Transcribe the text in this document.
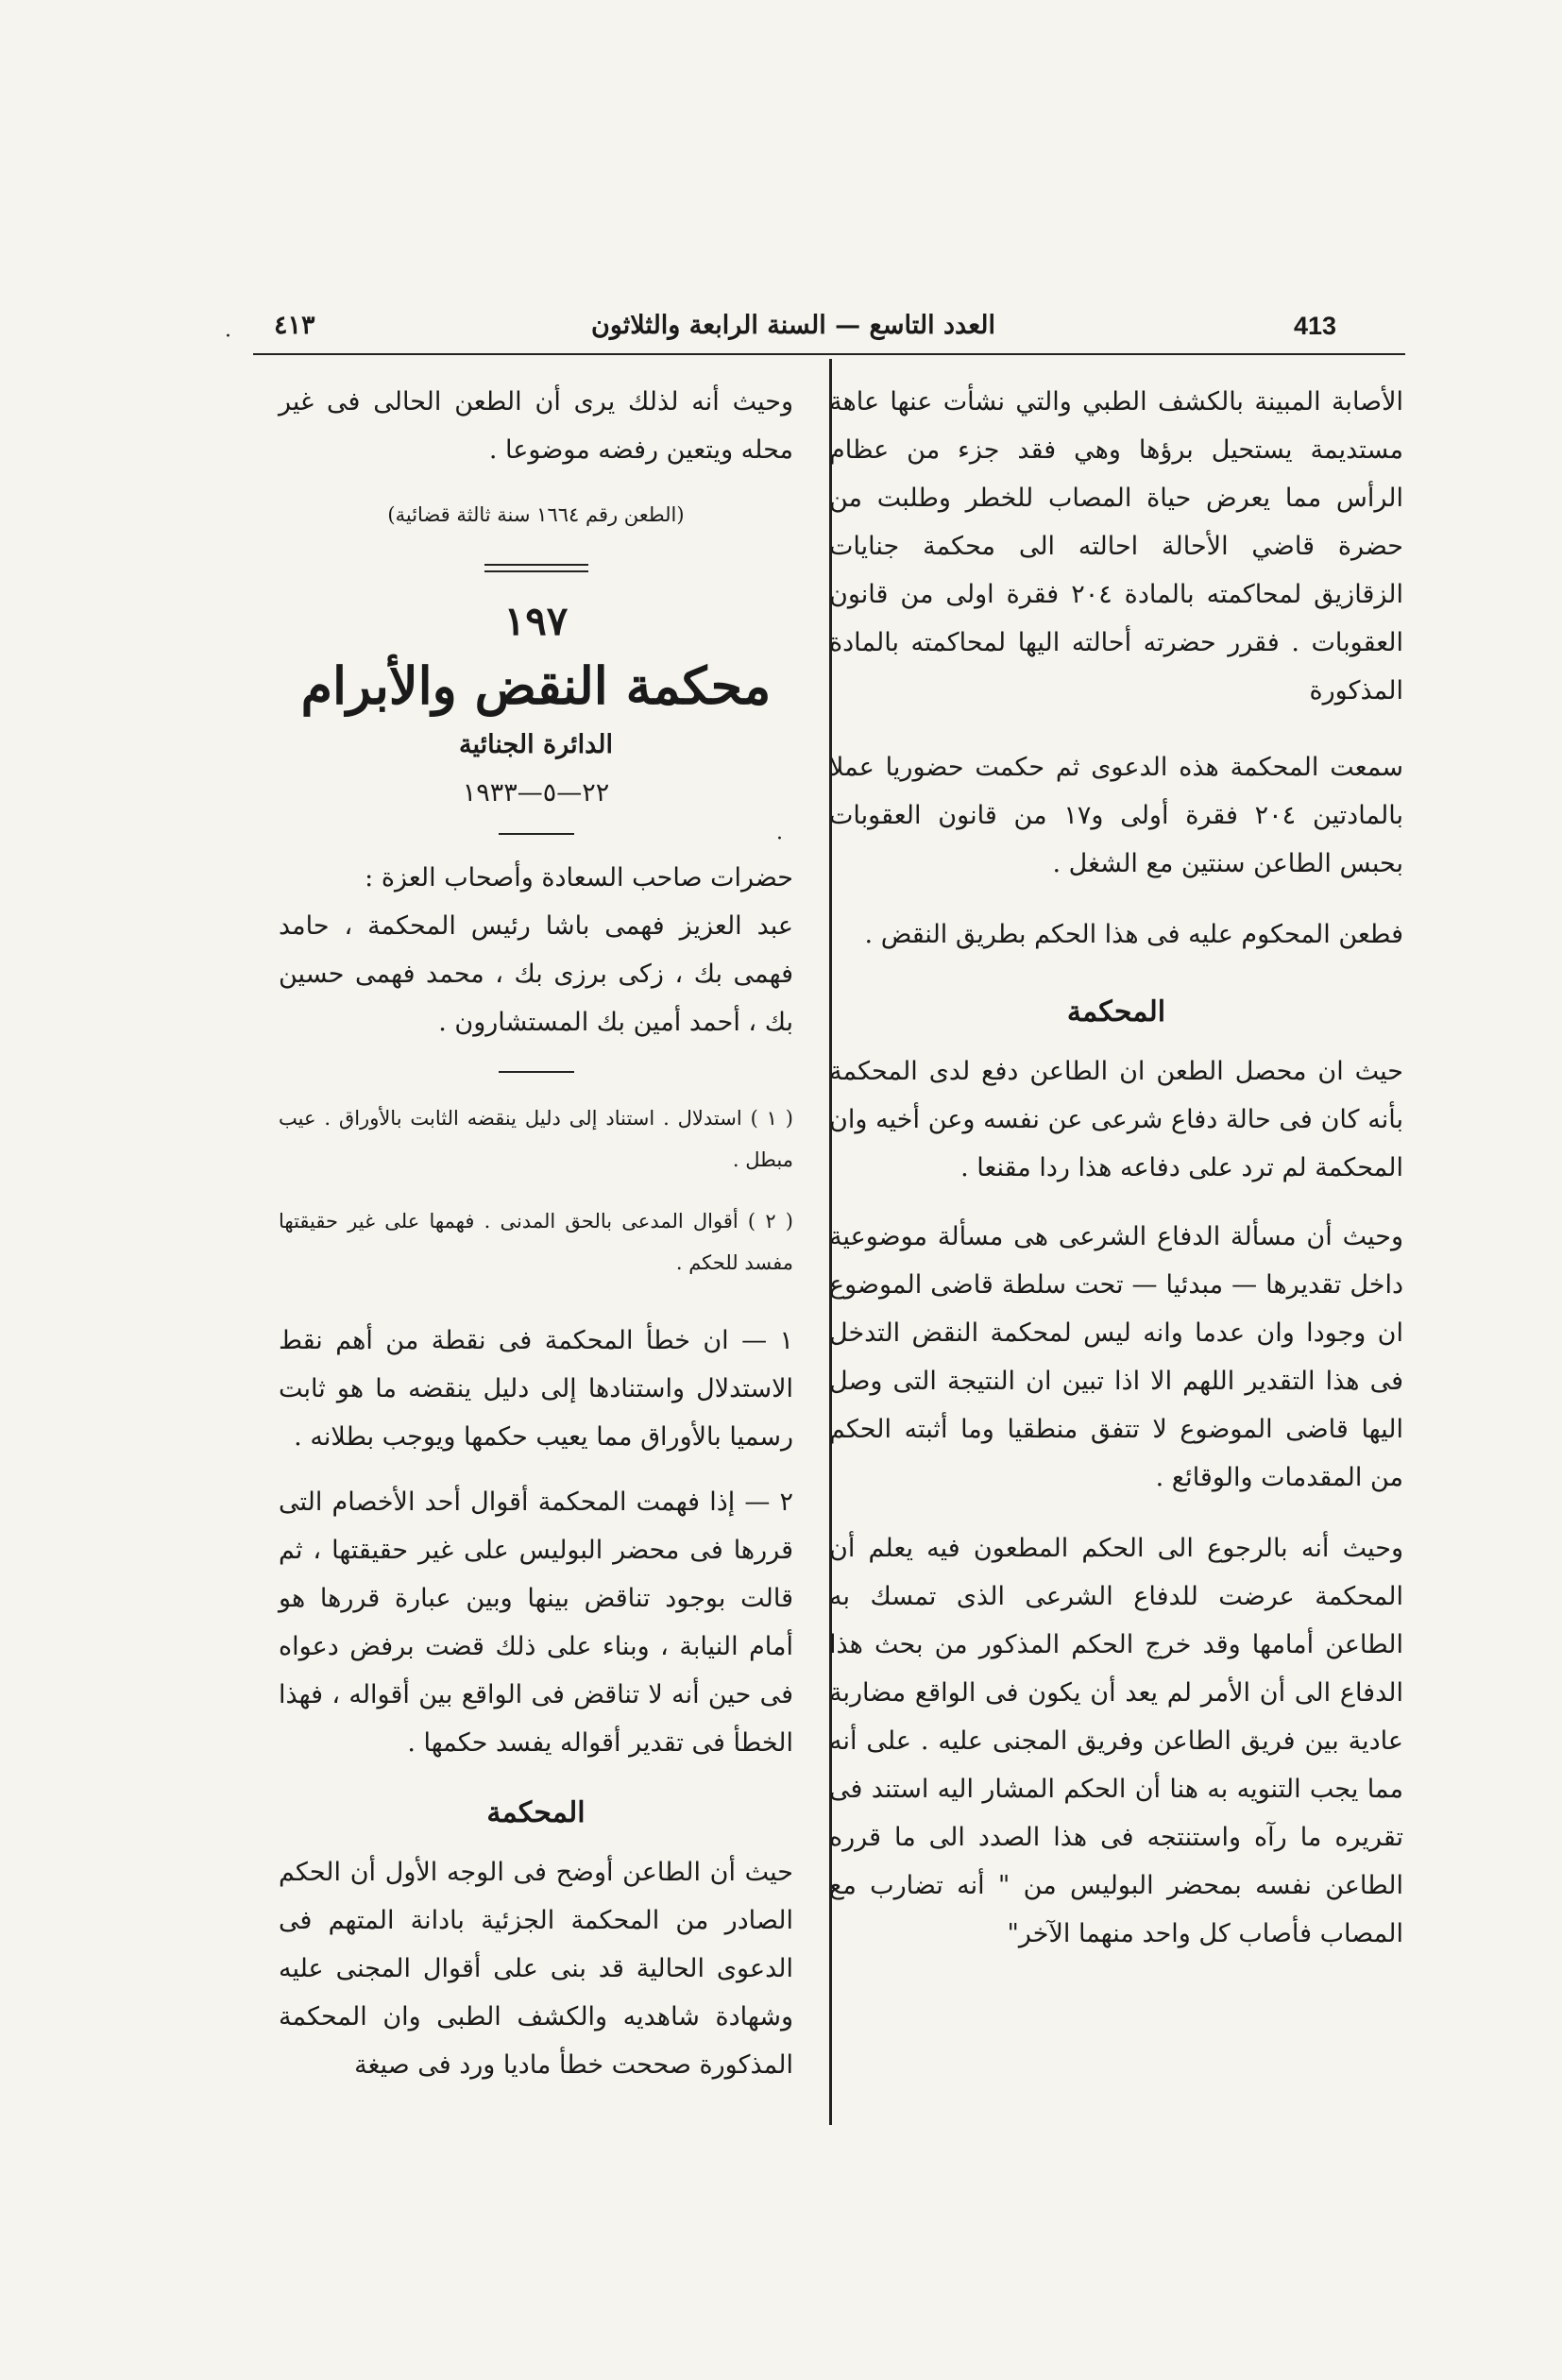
413
العدد التاسع — السنة الرابعة والثلاثون
٤١٣
·
·

الأصابة المبينة بالكشف الطبي والتي نشأت عنها عاهة مستديمة يستحيل برؤها وهي فقد جزء من عظام الرأس مما يعرض حياة المصاب للخطر وطلبت من حضرة قاضي الأحالة احالته الى محكمة جنايات الزقازيق لمحاكمته بالمادة ٢٠٤ فقرة اولى من قانون العقوبات . فقرر حضرته أحالته اليها لمحاكمته بالمادة المذكورة

سمعت المحكمة هذه الدعوى ثم حكمت حضوريا عملا بالمادتين ٢٠٤ فقرة أولى و١٧ من قانون العقوبات بحبس الطاعن سنتين مع الشغل .

فطعن المحكوم عليه فى هذا الحكم بطريق النقض .

المحكمة

حيث ان محصل الطعن ان الطاعن دفع لدى المحكمة بأنه كان فى حالة دفاع شرعى عن نفسه وعن أخيه وان المحكمة لم ترد على دفاعه هذا ردا مقنعا .

وحيث أن مسألة الدفاع الشرعى هى مسألة موضوعية داخل تقديرها — مبدئيا — تحت سلطة قاضى الموضوع ان وجودا وان عدما وانه ليس لمحكمة النقض التدخل فى هذا التقدير اللهم الا اذا تبين ان النتيجة التى وصل اليها قاضى الموضوع لا تتفق منطقيا وما أثبته الحكم من المقدمات والوقائع .

وحيث أنه بالرجوع الى الحكم المطعون فيه يعلم أن المحكمة عرضت للدفاع الشرعى الذى تمسك به الطاعن أمامها وقد خرج الحكم المذكور من بحث هذا الدفاع الى أن الأمر لم يعد أن يكون فى الواقع مضاربة عادية بين فريق الطاعن وفريق المجنى عليه . على أنه مما يجب التنويه به هنا أن الحكم المشار اليه استند فى تقريره ما رآه واستنتجه فى هذا الصدد الى ما قرره الطاعن نفسه بمحضر البوليس من " أنه تضارب مع المصاب فأصاب كل واحد منهما الآخر"

وحيث أنه لذلك يرى أن الطعن الحالى فى غير محله ويتعين رفضه موضوعا .

(الطعن رقم ١٦٦٤ سنة ثالثة قضائية)

١٩٧
محكمة النقض والأبرام
الدائرة الجنائية
٢٢—٥—١٩٣٣

حضرات صاحب السعادة وأصحاب العزة :

عبد العزيز فهمى باشا رئيس المحكمة ، حامد فهمى بك ، زكى برزى بك ، محمد فهمى حسين بك ، أحمد أمين بك المستشارون .

( ١ ) استدلال . استناد إلى دليل ينقضه الثابت بالأوراق . عيب مبطل .

( ٢ ) أقوال المدعى بالحق المدنى . فهمها على غير حقيقتها مفسد للحكم .

١ — ان خطأ المحكمة فى نقطة من أهم نقط الاستدلال واستنادها إلى دليل ينقضه ما هو ثابت رسميا بالأوراق مما يعيب حكمها ويوجب بطلانه .

٢ — إذا فهمت المحكمة أقوال أحد الأخصام التى قررها فى محضر البوليس على غير حقيقتها ، ثم قالت بوجود تناقض بينها وبين عبارة قررها هو أمام النيابة ، وبناء على ذلك قضت برفض دعواه فى حين أنه لا تناقض فى الواقع بين أقواله ، فهذا الخطأ فى تقدير أقواله يفسد حكمها .

المحكمة

حيث أن الطاعن أوضح فى الوجه الأول أن الحكم الصادر من المحكمة الجزئية بادانة المتهم فى الدعوى الحالية قد بنى على أقوال المجنى عليه وشهادة شاهديه والكشف الطبى وان المحكمة المذكورة صححت خطأ ماديا ورد فى صيغة
